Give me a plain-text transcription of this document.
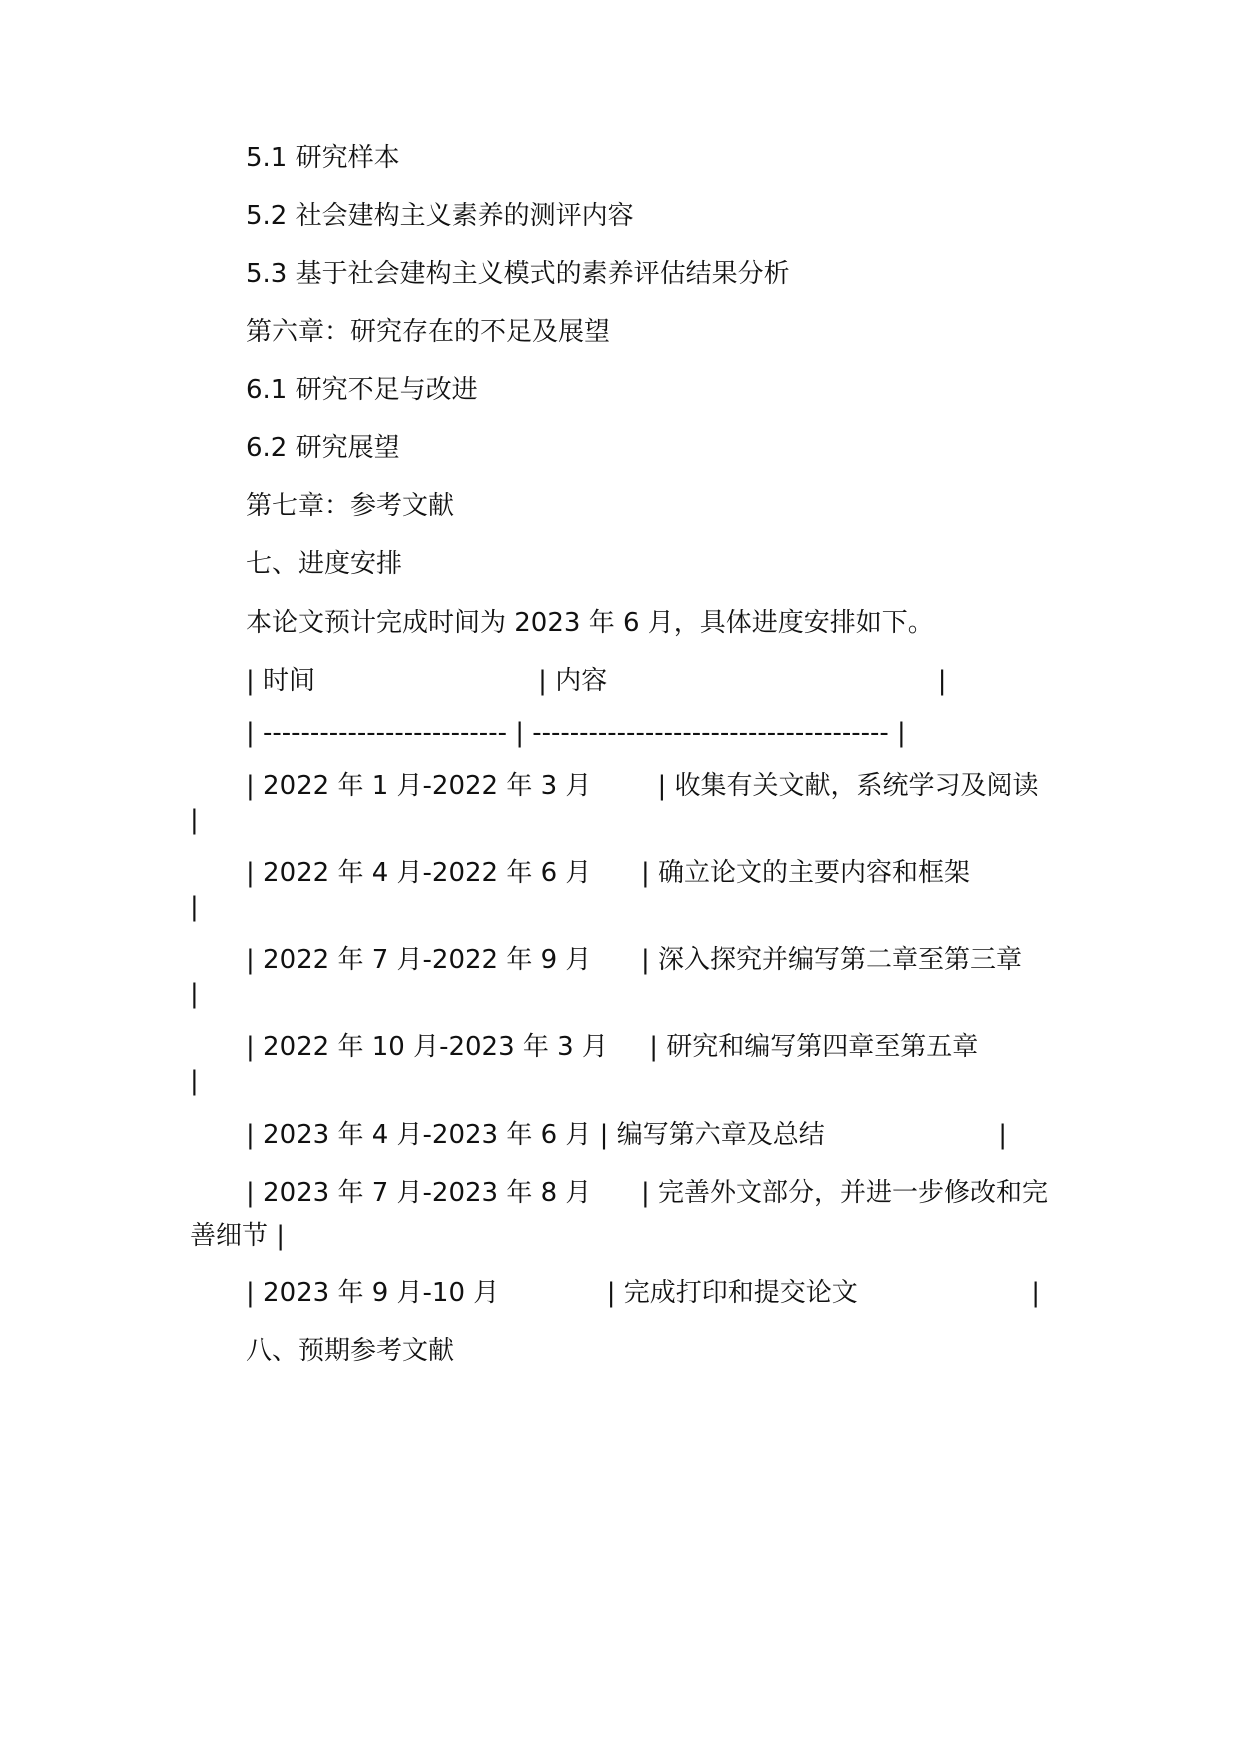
5.1 研究样本

5.2 社会建构主义素养的测评内容

5.3 基于社会建构主义模式的素养评估结果分析

第六章：研究存在的不足及展望

6.1 研究不足与改进

6.2 研究展望

第七章：参考文献

七、进度安排

本论文预计完成时间为 2023 年 6 月，具体进度安排如下。

| 时间                           | 内容                                        |

| -------------------------- | -------------------------------------- |

| 2022 年 1 月-2022 年 3 月        | 收集有关文献，系统学习及阅读

|

| 2022 年 4 月-2022 年 6 月      | 确立论文的主要内容和框架

|

| 2022 年 7 月-2022 年 9 月      | 深入探究并编写第二章至第三章

|

| 2022 年 10 月-2023 年 3 月     | 研究和编写第四章至第五章

|

| 2023 年 4 月-2023 年 6 月 | 编写第六章及总结                     |

| 2023 年 7 月-2023 年 8 月      | 完善外文部分，并进一步修改和完

善细节 |

| 2023 年 9 月-10 月             | 完成打印和提交论文                     |

八、预期参考文献
